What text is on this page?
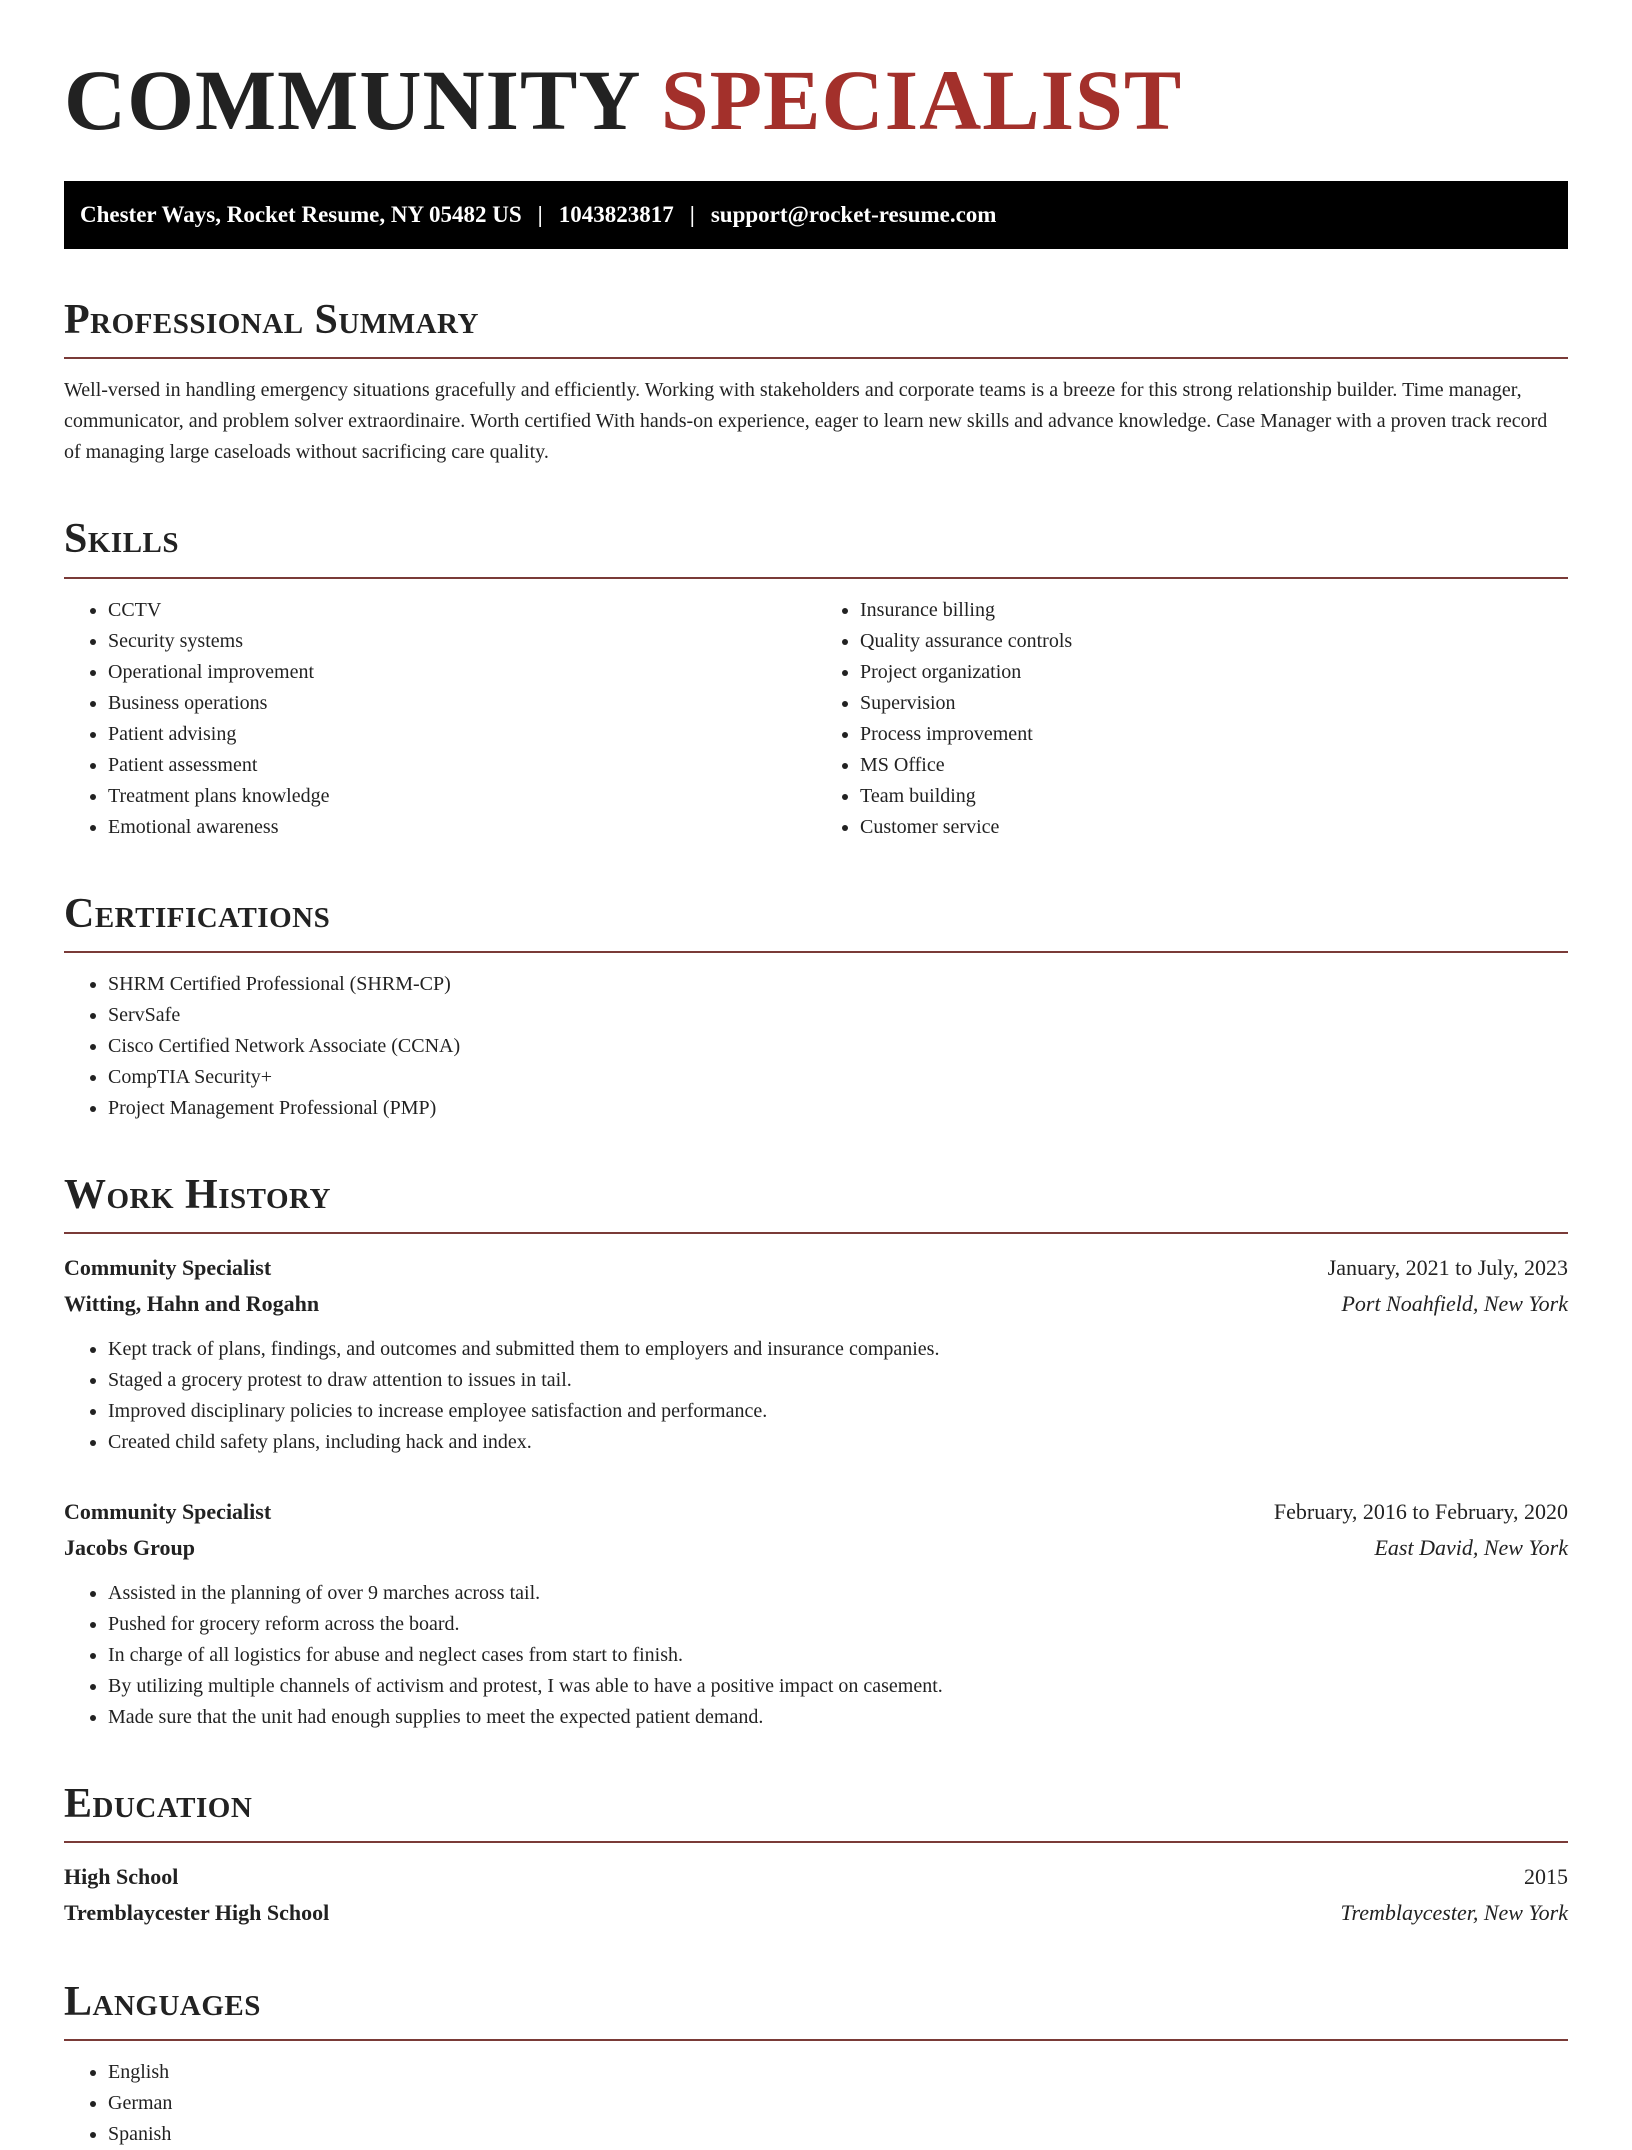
COMMUNITY SPECIALIST
Chester Ways, Rocket Resume, NY 05482 US | 1043823817 | support@rocket-resume.com
Professional Summary

Well-versed in handling emergency situations gracefully and efficiently. Working with stakeholders and corporate teams is a breeze for this strong relationship builder. Time manager, communicator, and problem solver extraordinaire. Worth certified With hands-on experience, eager to learn new skills and advance knowledge. Case Manager with a proven track record of managing large caseloads without sacrificing care quality.

Skills
• CCTV
• Security systems
• Operational improvement
• Business operations
• Patient advising
• Patient assessment
• Treatment plans knowledge
• Emotional awareness
• Insurance billing
• Quality assurance controls
• Project organization
• Supervision
• Process improvement
• MS Office
• Team building
• Customer service
Certifications
• SHRM Certified Professional (SHRM-CP)
• ServSafe
• Cisco Certified Network Associate (CCNA)
• CompTIA Security+
• Project Management Professional (PMP)
Work History
Community Specialist	January, 2021 to July, 2023
Witting, Hahn and Rogahn	Port Noahfield, New York
• Kept track of plans, findings, and outcomes and submitted them to employers and insurance companies.
• Staged a grocery protest to draw attention to issues in tail.
• Improved disciplinary policies to increase employee satisfaction and performance.
• Created child safety plans, including hack and index.
Community Specialist	February, 2016 to February, 2020
Jacobs Group	East David, New York
• Assisted in the planning of over 9 marches across tail.
• Pushed for grocery reform across the board.
• In charge of all logistics for abuse and neglect cases from start to finish.
• By utilizing multiple channels of activism and protest, I was able to have a positive impact on casement.
• Made sure that the unit had enough supplies to meet the expected patient demand.
Education
High School	2015
Tremblaycester High School	Tremblaycester, New York
Languages
• English
• German
• Spanish
